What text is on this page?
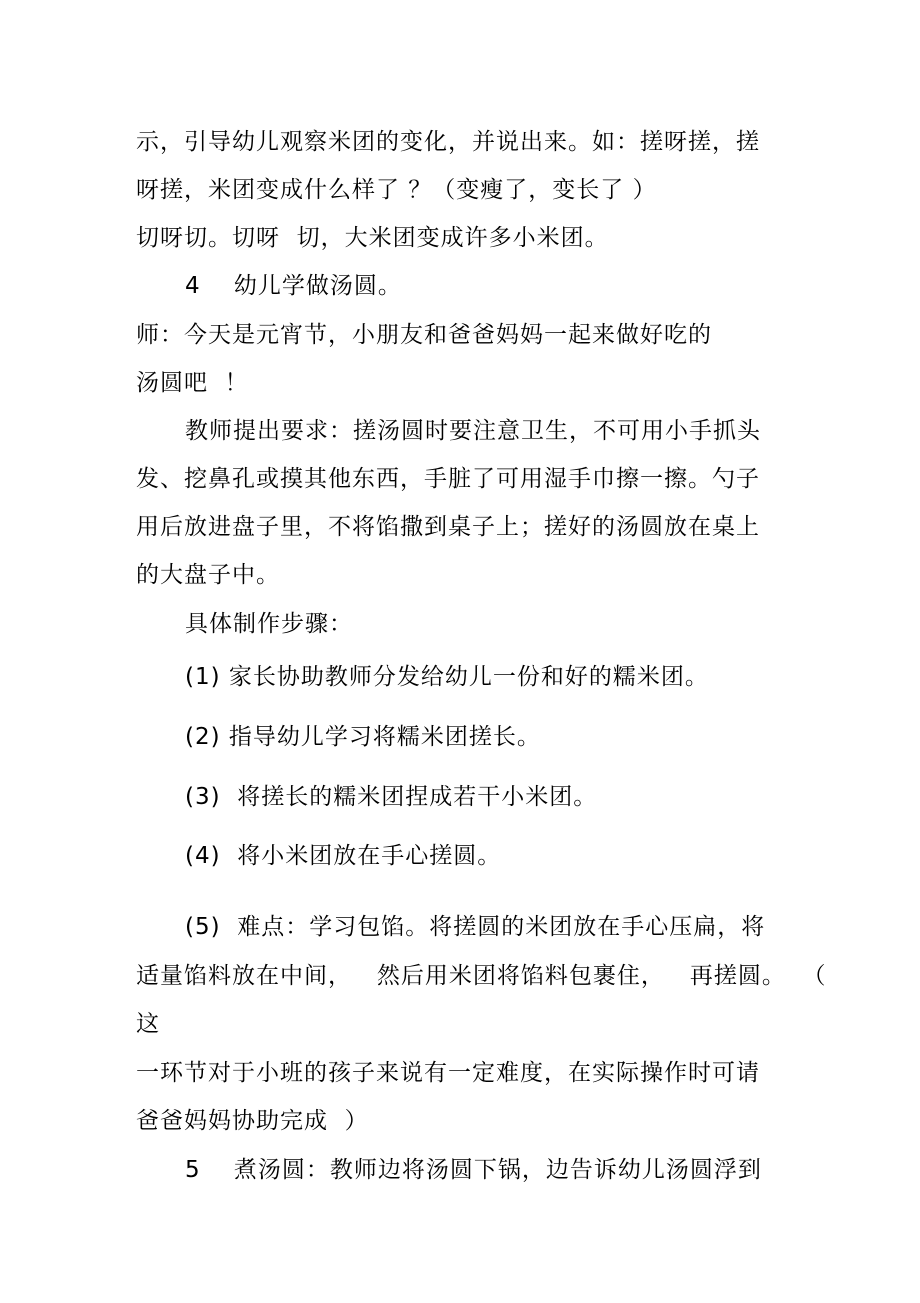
示，引导幼儿观察米团的变化，并说出来。如：搓呀搓，搓

呀搓，米团变成什么样了 ？（变瘦了，变长了 ）

切呀切。切呀  切，大米团变成许多小米团。

4    幼儿学做汤圆。

师：今天是元宵节，小朋友和爸爸妈妈一起来做好吃的

汤圆吧  ！

教师提出要求：搓汤圆时要注意卫生，不可用小手抓头

发、挖鼻孔或摸其他东西，手脏了可用湿手巾擦一擦。勺子

用后放进盘子里，不将馅撒到桌子上；搓好的汤圆放在桌上

的大盘子中。

具体制作步骤：

(1) 家长协助教师分发给幼儿一份和好的糯米团。

(2) 指导幼儿学习将糯米团搓长。

(3)  将搓长的糯米团捏成若干小米团。

(4)  将小米团放在手心搓圆。

(5)  难点：学习包馅。将搓圆的米团放在手心压扁，将

适量馅料放在中间，   然后用米团将馅料包裹住，   再搓圆。  （

这

一环节对于小班的孩子来说有一定难度，在实际操作时可请

爸爸妈妈协助完成  ）

5    煮汤圆：教师边将汤圆下锅，边告诉幼儿汤圆浮到
